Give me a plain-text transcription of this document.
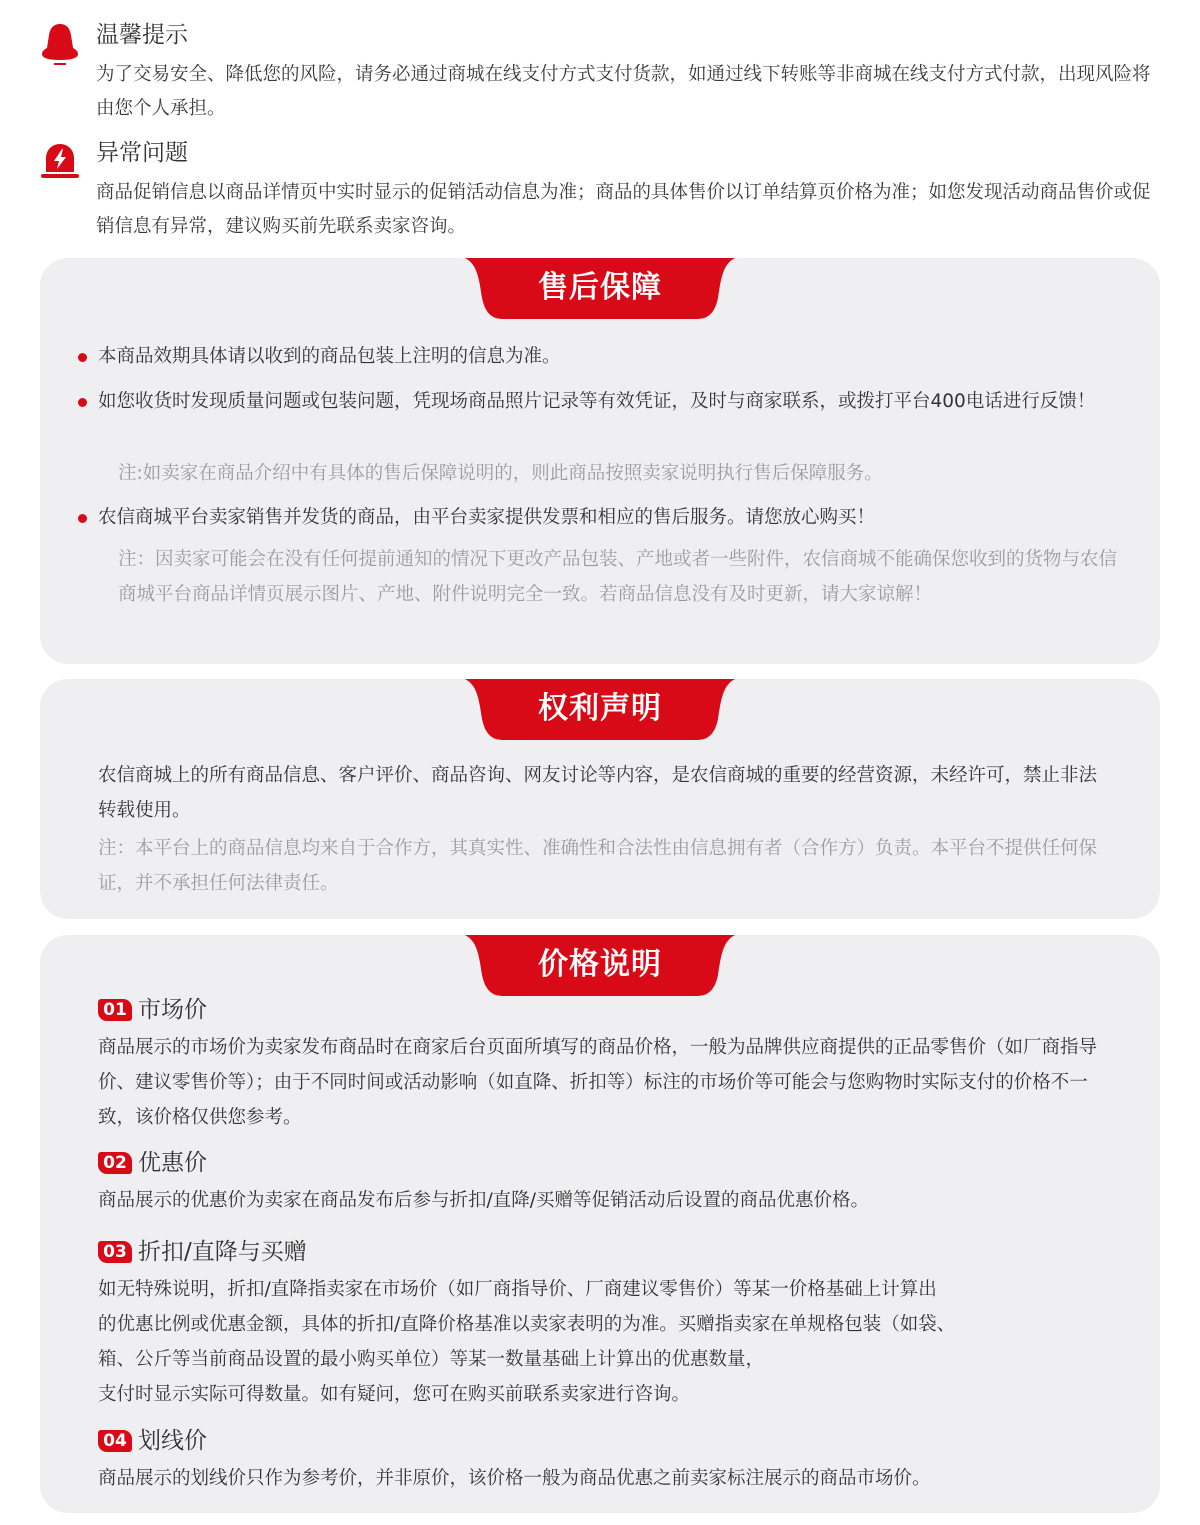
温馨提示
为了交易安全、降低您的风险，请务必通过商城在线支付方式支付货款，如通过线下转账等非商城在线支付方式付款，出现风险将由您个人承担。
异常问题
商品促销信息以商品详情页中实时显示的促销活动信息为准；商品的具体售价以订单结算页价格为准；如您发现活动商品售价或促销信息有异常，建议购买前先联系卖家咨询。
售后保障
本商品效期具体请以收到的商品包装上注明的信息为准。
如您收货时发现质量问题或包装问题，凭现场商品照片记录等有效凭证，及时与商家联系，或拨打平台400电话进行反馈！
注:如卖家在商品介绍中有具体的售后保障说明的，则此商品按照卖家说明执行售后保障服务。
农信商城平台卖家销售并发货的商品，由平台卖家提供发票和相应的售后服务。请您放心购买！
注：因卖家可能会在没有任何提前通知的情况下更改产品包装、产地或者一些附件，农信商城不能确保您收到的货物与农信商城平台商品详情页展示图片、产地、附件说明完全一致。若商品信息没有及时更新，请大家谅解！
权利声明
农信商城上的所有商品信息、客户评价、商品咨询、网友讨论等内容，是农信商城的重要的经营资源，未经许可，禁止非法转载使用。
注：本平台上的商品信息均来自于合作方，其真实性、准确性和合法性由信息拥有者（合作方）负责。本平台不提供任何保证，并不承担任何法律责任。
价格说明
01 市场价
商品展示的市场价为卖家发布商品时在商家后台页面所填写的商品价格，一般为品牌供应商提供的正品零售价（如厂商指导价、建议零售价等）；由于不同时间或活动影响（如直降、折扣等）标注的市场价等可能会与您购物时实际支付的价格不一致，该价格仅供您参考。
02 优惠价
商品展示的优惠价为卖家在商品发布后参与折扣/直降/买赠等促销活动后设置的商品优惠价格。
03 折扣/直降与买赠
如无特殊说明，折扣/直降指卖家在市场价（如厂商指导价、厂商建议零售价）等某一价格基础上计算出
的优惠比例或优惠金额，具体的折扣/直降价格基准以卖家表明的为准。买赠指卖家在单规格包装（如袋、
箱、公斤等当前商品设置的最小购买单位）等某一数量基础上计算出的优惠数量，
支付时显示实际可得数量。如有疑问，您可在购买前联系卖家进行咨询。
04 划线价
商品展示的划线价只作为参考价，并非原价，该价格一般为商品优惠之前卖家标注展示的商品市场价。
